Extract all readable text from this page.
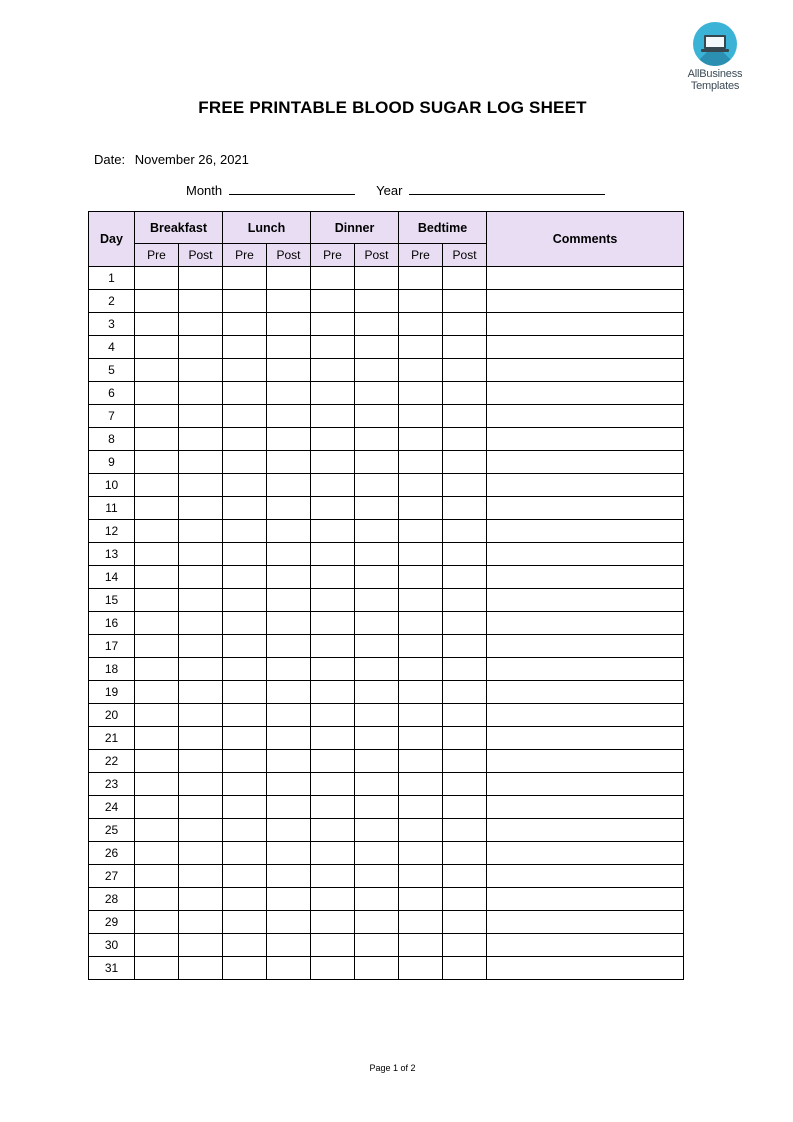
AllBusiness
Templates
FREE PRINTABLE BLOOD SUGAR LOG SHEET
Date: November 26, 2021
Month	Year
Day	Breakfast		Lunch		Dinner		Bedtime		Comments
	Pre	Post	Pre	Post	Pre	Post	Pre	Post	
1									
2									
3									
4									
5									
6									
7									
8									
9									
10									
11									
12									
13									
14									
15									
16									
17									
18									
19									
20									
21									
22									
23									
24									
25									
26									
27									
28									
29									
30									
31									
Page 1 of 2
